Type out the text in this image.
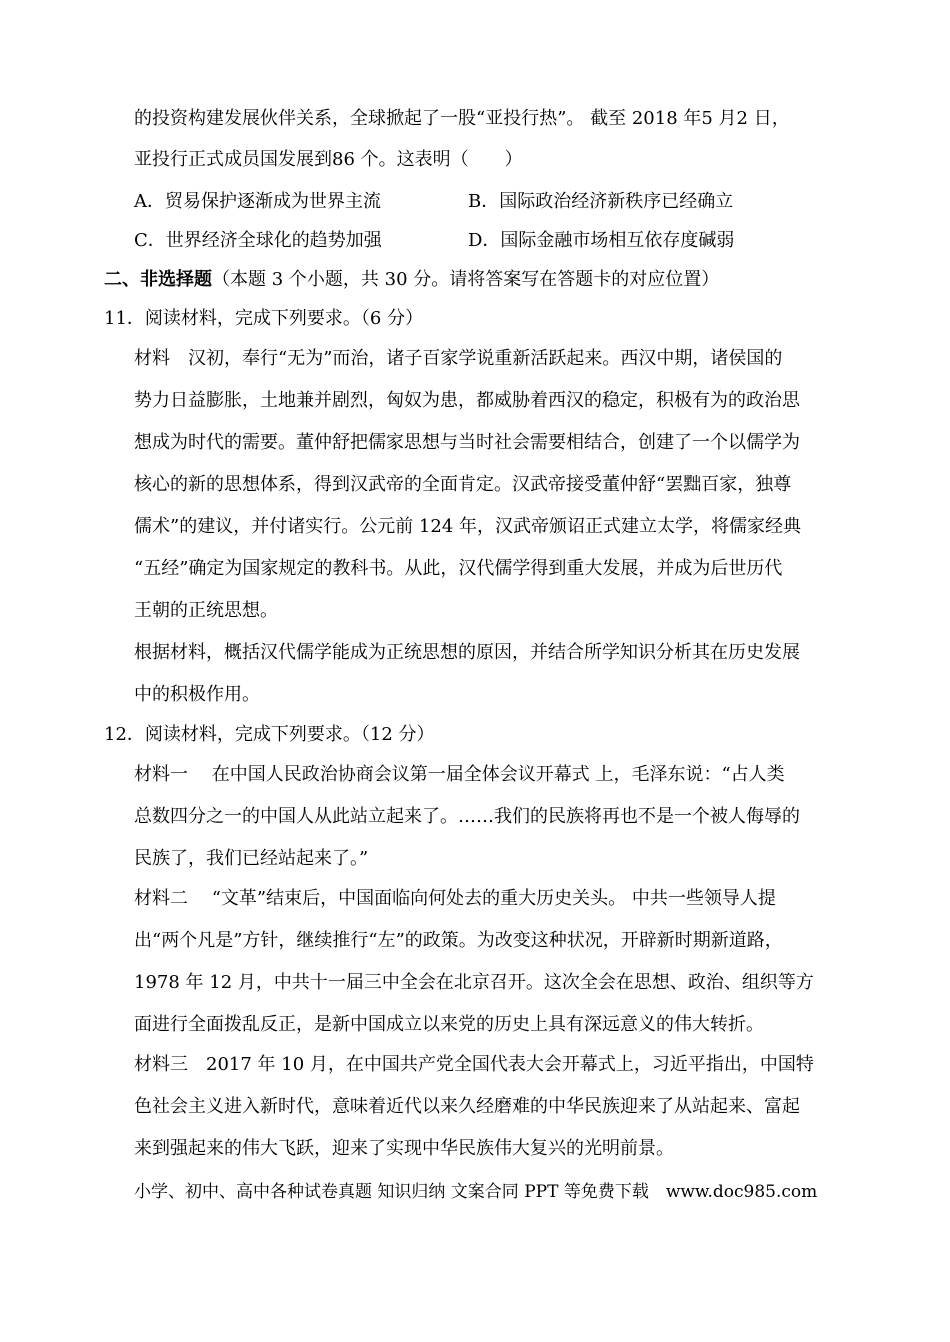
的投资构建发展伙伴关系，全球掀起了一股“亚投行热”。 截至 2018 年5 月2 日，
亚投行正式成员国发展到86 个。这表明（　　）
A．贸易保护逐渐成为世界主流	B．国际政治经济新秩序已经确立
C．世界经济全球化的趋势加强	D．国际金融市场相互依存度碱弱
二、非选择题（本题 3 个小题，共 30 分。请将答案写在答题卡的对应位置）
11．阅读材料，完成下列要求。（6 分）
材料　汉初，奉行“无为”而治，诸子百家学说重新活跃起来。西汉中期，诸侯国的
势力日益膨胀，土地兼并剧烈，匈奴为患，都威胁着西汉的稳定，积极有为的政治思
想成为时代的需要。董仲舒把儒家思想与当时社会需要相结合，创建了一个以儒学为
核心的新的思想体系，得到汉武帝的全面肯定。汉武帝接受董仲舒“罢黜百家，独尊
儒术”的建议，并付诸实行。公元前 124 年，汉武帝颁诏正式建立太学，将儒家经典
“五经”确定为国家规定的教科书。从此，汉代儒学得到重大发展，并成为后世历代
王朝的正统思想。
根据材料，概括汉代儒学能成为正统思想的原因，并结合所学知识分析其在历史发展
中的积极作用。
12．阅读材料，完成下列要求。（12 分）
材料一　 在中国人民政治协商会议第一届全体会议开幕式 上，毛泽东说：“占人类
总数四分之一的中国人从此站立起来了。……我们的民族将再也不是一个被人侮辱的
民族了，我们已经站起来了。”
材料二　 “文革”结束后，中国面临向何处去的重大历史关头。 中共一些领导人提
出“两个凡是”方针，继续推行“左”的政策。为改变这种状况，开辟新时期新道路，
1978 年 12 月，中共十一届三中全会在北京召开。这次全会在思想、政治、组织等方
面进行全面拨乱反正，是新中国成立以来党的历史上具有深远意义的伟大转折。
材料三　2017 年 10 月，在中国共产党全国代表大会开幕式上，习近平指出，中国特
色社会主义进入新时代，意味着近代以来久经磨难的中华民族迎来了从站起来、富起
来到强起来的伟大飞跃，迎来了实现中华民族伟大复兴的光明前景。
小学、初中、高中各种试卷真题 知识归纳 文案合同 PPT 等免费下载　www.doc985.com
